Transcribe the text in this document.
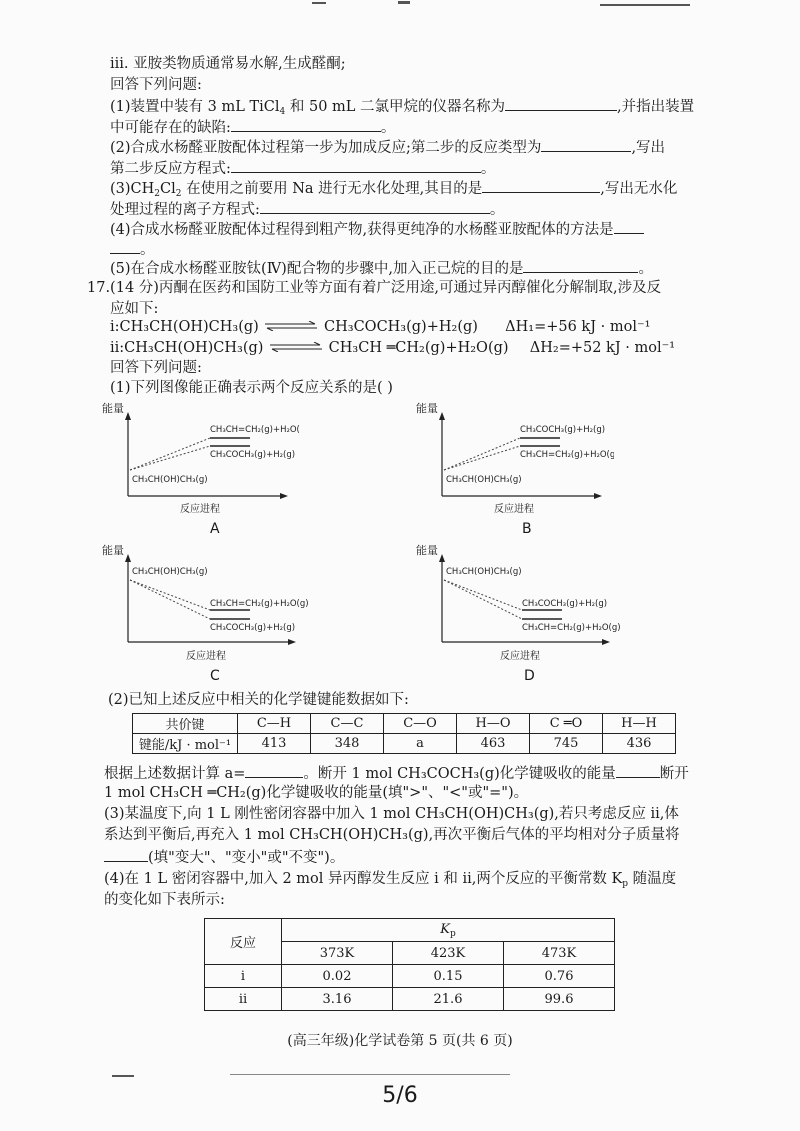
ⅲ. 亚胺类物质通常易水解,生成醛酮;
回答下列问题:
(1)装置中装有 3 mL TiCl$_4$ 和 50 mL 二氯甲烷的仪器名称为	,并指出装置
中可能存在的缺陷:	。
(2)合成水杨醛亚胺配体过程第一步为加成反应;第二步的反应类型为	,写出
第二步反应方程式:	。
$(3)CH_2Cl_2$ 在使用之前要用 Na 进行无水化处理,其目的是	,写出无水化
处理过程的离子方程式:	。
(4)合成水杨醛亚胺配体过程得到粗产物,获得更纯净的水杨醛亚胺配体的方法是
。
(5)在合成水杨醛亚胺钛(Ⅳ)配合物的步骤中,加入正己烷的目的是	。
17.(14 分)丙酮在医药和国防工业等方面有着广泛用途,可通过异丙醇催化分解制取,涉及反
应如下:
ⅰ:CH₃CH(OH)CH₃(g) ⇌ CH₃COCH₃(g)+H₂(g) ΔH₁=+56 kJ · mol⁻¹
ⅱ:CH₃CH(OH)CH₃(g) ⇌ CH₃CH ═CH₂(g)+H₂O(g) ΔH₂=+52 kJ · mol⁻¹
回答下列问题:
(1)下列图像能正确表示两个反应关系的是( )
能量
CH₃CH=CH₂(g)+H₂O(g)
CH₃COCH₃(g)+H₂(g)
CH₃CH(OH)CH₃(g)
反应进程
A
能量
CH₃COCH₃(g)+H₂(g)
CH₃CH=CH₂(g)+H₂O(g)
CH₃CH(OH)CH₃(g)
反应进程
B
能量
CH₃CH(OH)CH₃(g)
CH₃CH=CH₂(g)+H₂O(g)
CH₃COCH₃(g)+H₂(g)
反应进程
C
能量
CH₃CH(OH)CH₃(g)
CH₃COCH₃(g)+H₂(g)
CH₃CH=CH₂(g)+H₂O(g)
反应进程
D
(2)已知上述反应中相关的化学键键能数据如下:
共价键	C—H	C—C	C—O	H—O	C ═O	H—H
键能/kJ · mol⁻¹	413	348	a	463	745	436
根据上述数据计算 a=	。断开 1 mol CH₃COCH₃(g)化学键吸收的能量	断开
1 mol CH₃CH ═CH₂(g)化学键吸收的能量(填">"、"<"或"=")。
(3)某温度下,向 1 L 刚性密闭容器中加入 1 mol CH₃CH(OH)CH₃(g),若只考虑反应 ⅱ,体
系达到平衡后,再充入 1 mol CH₃CH(OH)CH₃(g),再次平衡后气体的平均相对分子质量将
(填"变大"、"变小"或"不变")。
(4)在 1 L 密闭容器中,加入 2 mol 异丙醇发生反应 ⅰ 和 ⅱ,两个反应的平衡常数 $K_p$ 随温度
的变化如下表所示:
反应	$K_p$
	373K	423K	473K
ⅰ	0.02	0.15	0.76
ⅱ	3.16	21.6	99.6
(高三年级)化学试卷第 5 页(共 6 页)
5/6
